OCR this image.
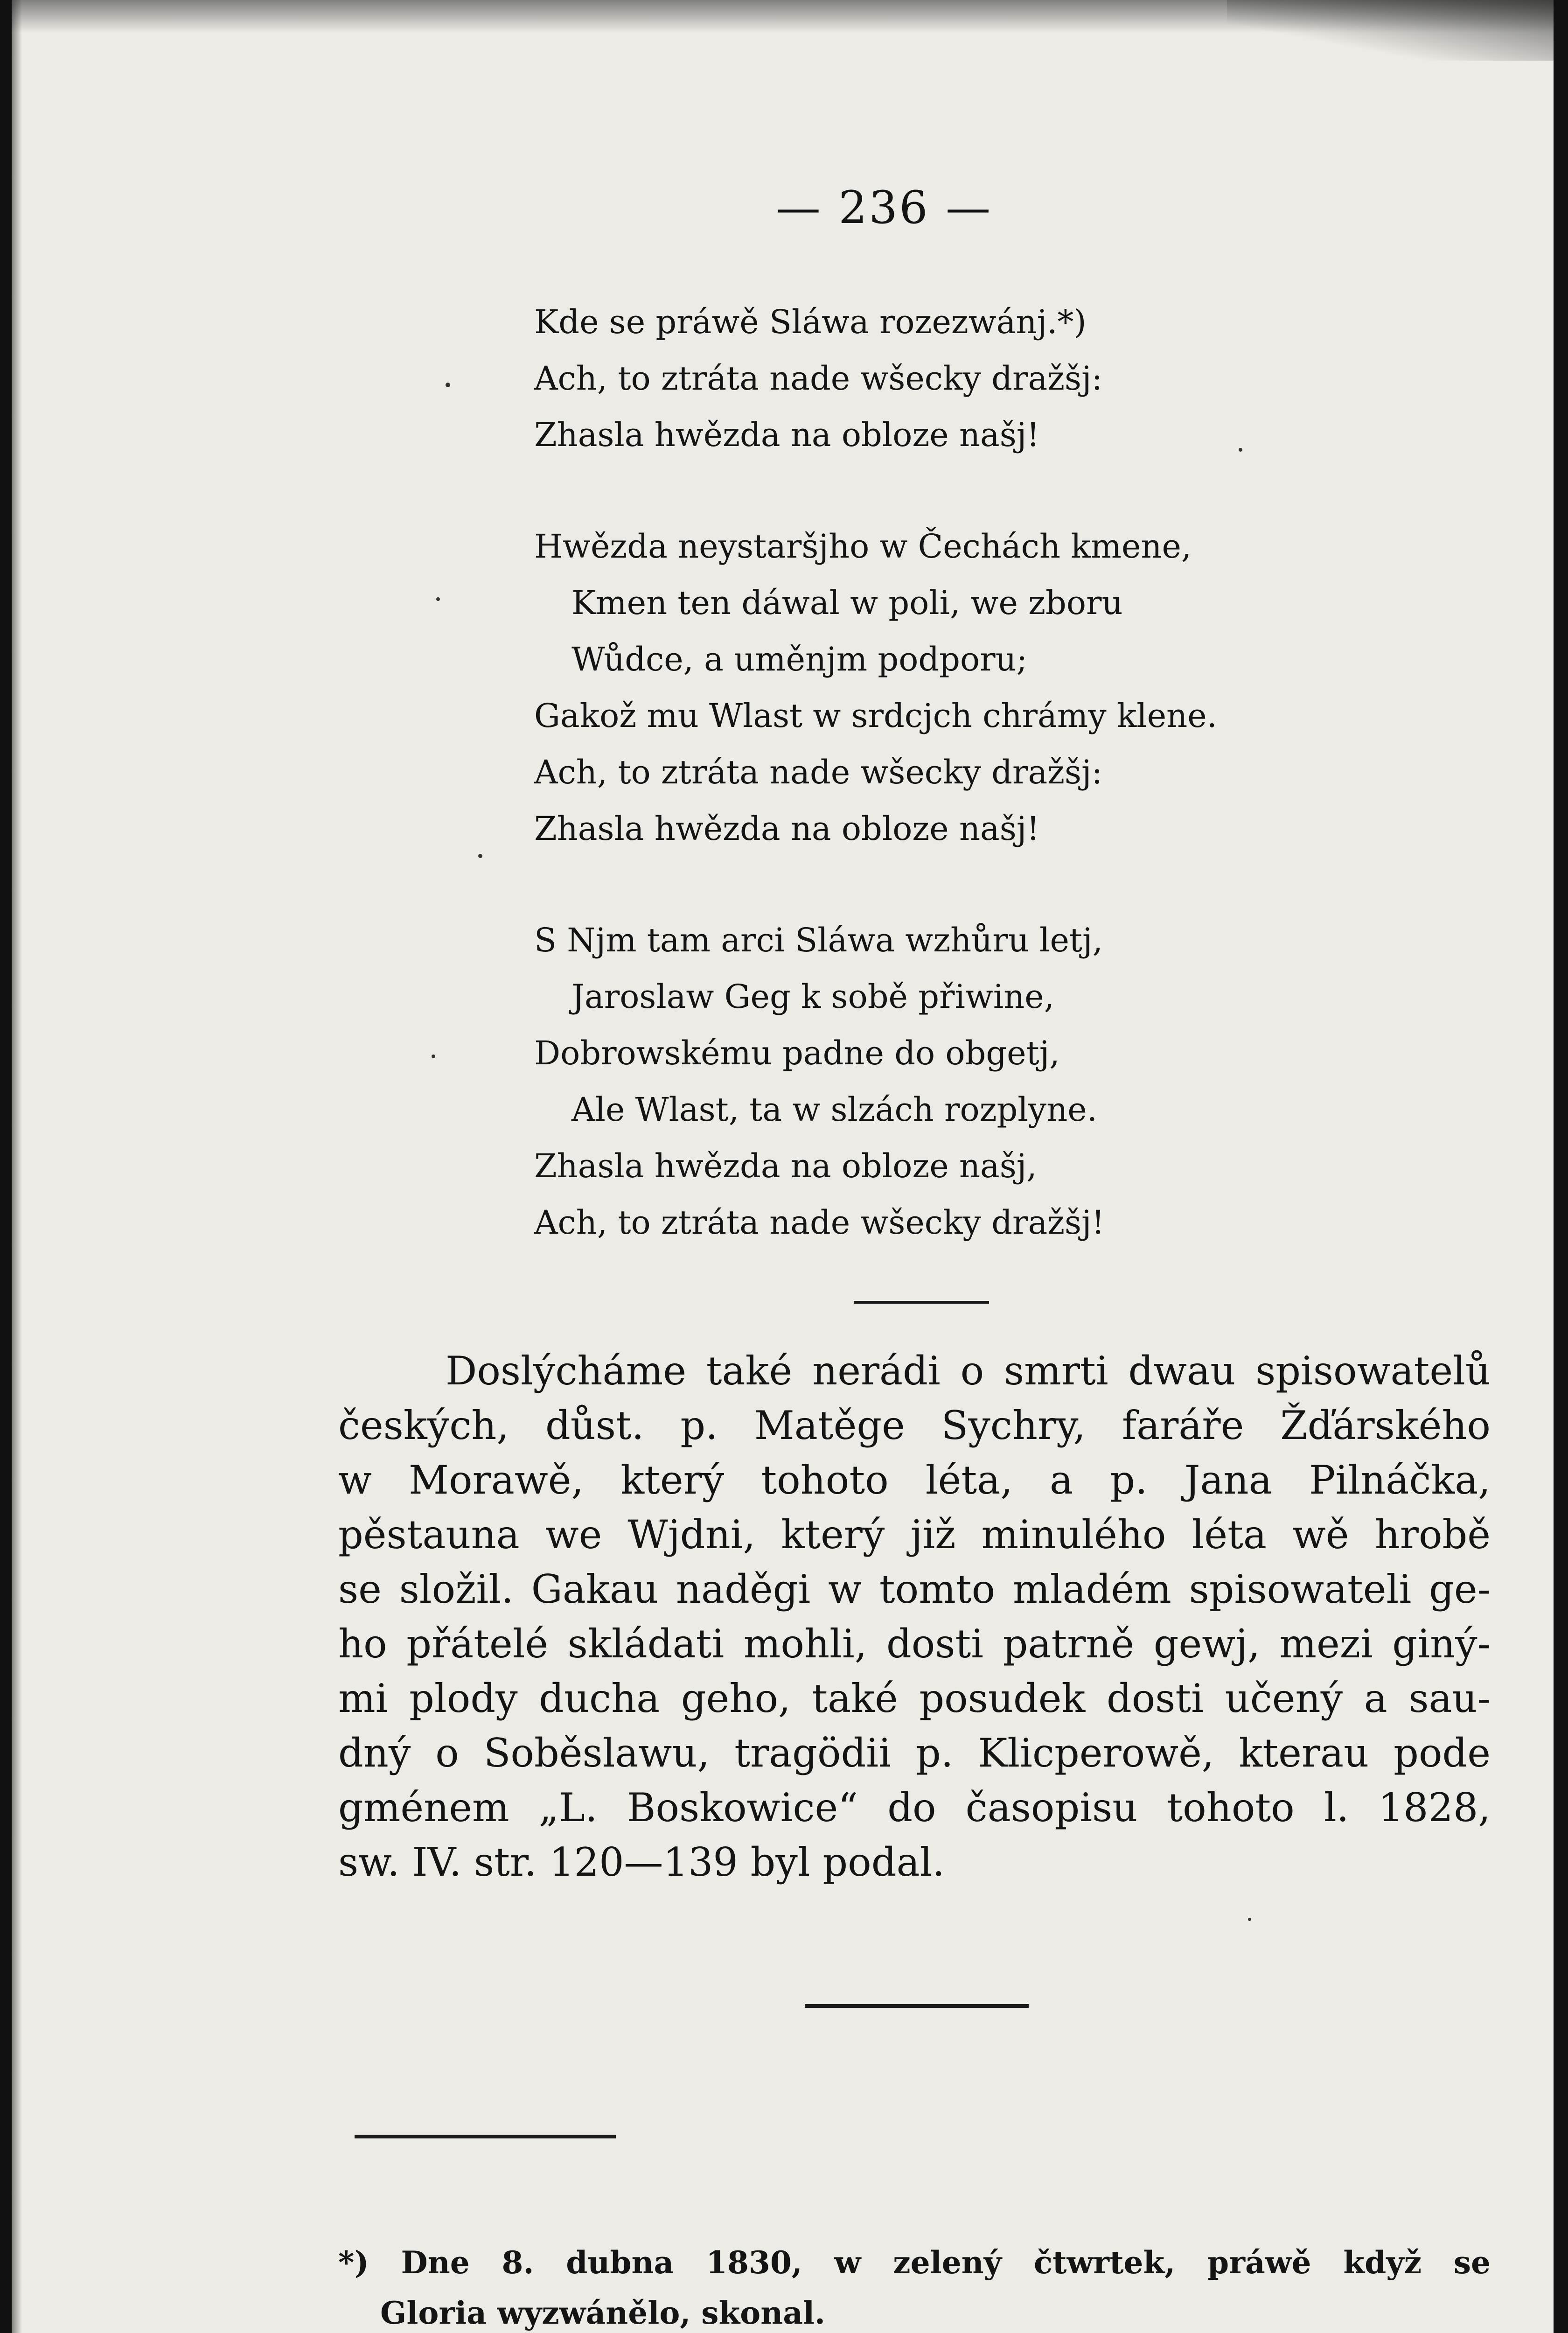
— 236 —
Kde se práwě Sláwa rozezwánj.*)
Ach, to ztráta nade wšecky dražšj:
Zhasla hwězda na obloze našj!
Hwězda neystaršjho w Čechách kmene,
Kmen ten dáwal w poli, we zboru
Wůdce, a uměnjm podporu;
Gakož mu Wlast w srdcjch chrámy klene.
Ach, to ztráta nade wšecky dražšj:
Zhasla hwězda na obloze našj!
S Njm tam arci Sláwa wzhůru letj,
Jaroslaw Geg k sobě přiwine,
Dobrowskému padne do obgetj,
Ale Wlast, ta w slzách rozplyne.
Zhasla hwězda na obloze našj,
Ach, to ztráta nade wšecky dražšj!
Doslýcháme také nerádi o smrti dwau spisowatelů
českých, důst. p. Matěge Sychry, faráře Žďárského
w Morawě, který tohoto léta, a p. Jana Pilnáčka,
pěstauna we Wjdni, který již minulého léta wě hrobě
se složil. Gakau naděgi w tomto mladém spisowateli ge-
ho přátelé skládati mohli, dosti patrně gewj, mezi giný-
mi plody ducha geho, také posudek dosti učený a sau-
dný o Soběslawu, tragödii p. Klicperowě, kterau pode
gménem „L. Boskowice“ do časopisu tohoto l. 1828,
sw. IV. str. 120—139 byl podal.
*) Dne 8. dubna 1830, w zelený čtwrtek, práwě když se
Gloria wyzwánělo, skonal.
